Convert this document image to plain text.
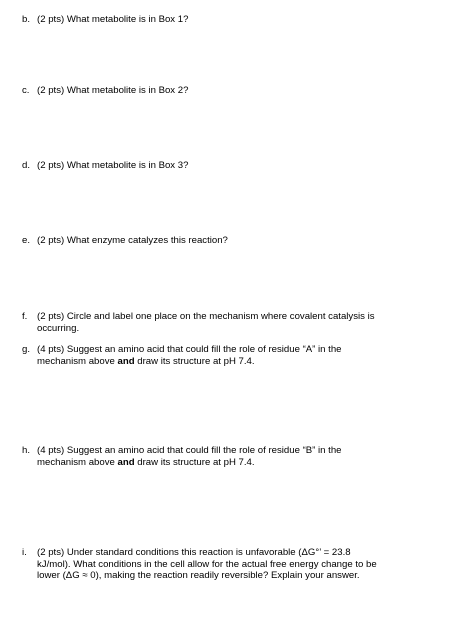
b. (2 pts) What metabolite is in Box 1?
c. (2 pts) What metabolite is in Box 2?
d. (2 pts) What metabolite is in Box 3?
e. (2 pts) What enzyme catalyzes this reaction?
f.	(2 pts) Circle and label one place on the mechanism where covalent catalysis is
occurring.
g. (4 pts) Suggest an amino acid that could fill the role of residue “A” in the
mechanism above and draw its structure at pH 7.4.
h. (4 pts) Suggest an amino acid that could fill the role of residue “B” in the
mechanism above and draw its structure at pH 7.4.
i.	(2 pts) Under standard conditions this reaction is unfavorable (ΔG°’ = 23.8
kJ/mol). What conditions in the cell allow for the actual free energy change to be
lower (ΔG ≈ 0), making the reaction readily reversible? Explain your answer.
